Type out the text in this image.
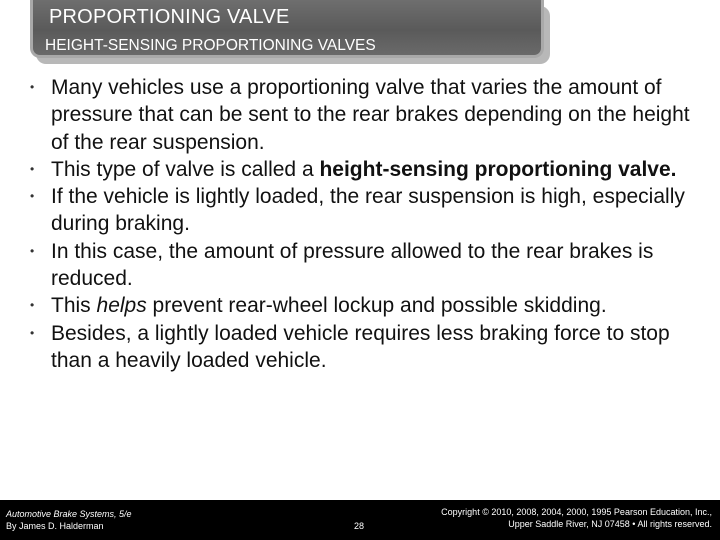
PROPORTIONING VALVE
HEIGHT-SENSING PROPORTIONING VALVES
• Many vehicles use a proportioning valve that varies the amount of pressure that can be sent to the rear brakes depending on the height of the rear suspension.
• This type of valve is called a height-sensing proportioning valve.
• If the vehicle is lightly loaded, the rear suspension is high, especially during braking.
• In this case, the amount of pressure allowed to the rear brakes is reduced.
• This helps prevent rear-wheel lockup and possible skidding.
• Besides, a lightly loaded vehicle requires less braking force to stop than a heavily loaded vehicle.
Automotive Brake Systems, 5/e
By James D. Halderman	28
Copyright © 2010, 2008, 2004, 2000, 1995 Pearson Education, Inc.,
Upper Saddle River, NJ 07458 • All rights reserved.
